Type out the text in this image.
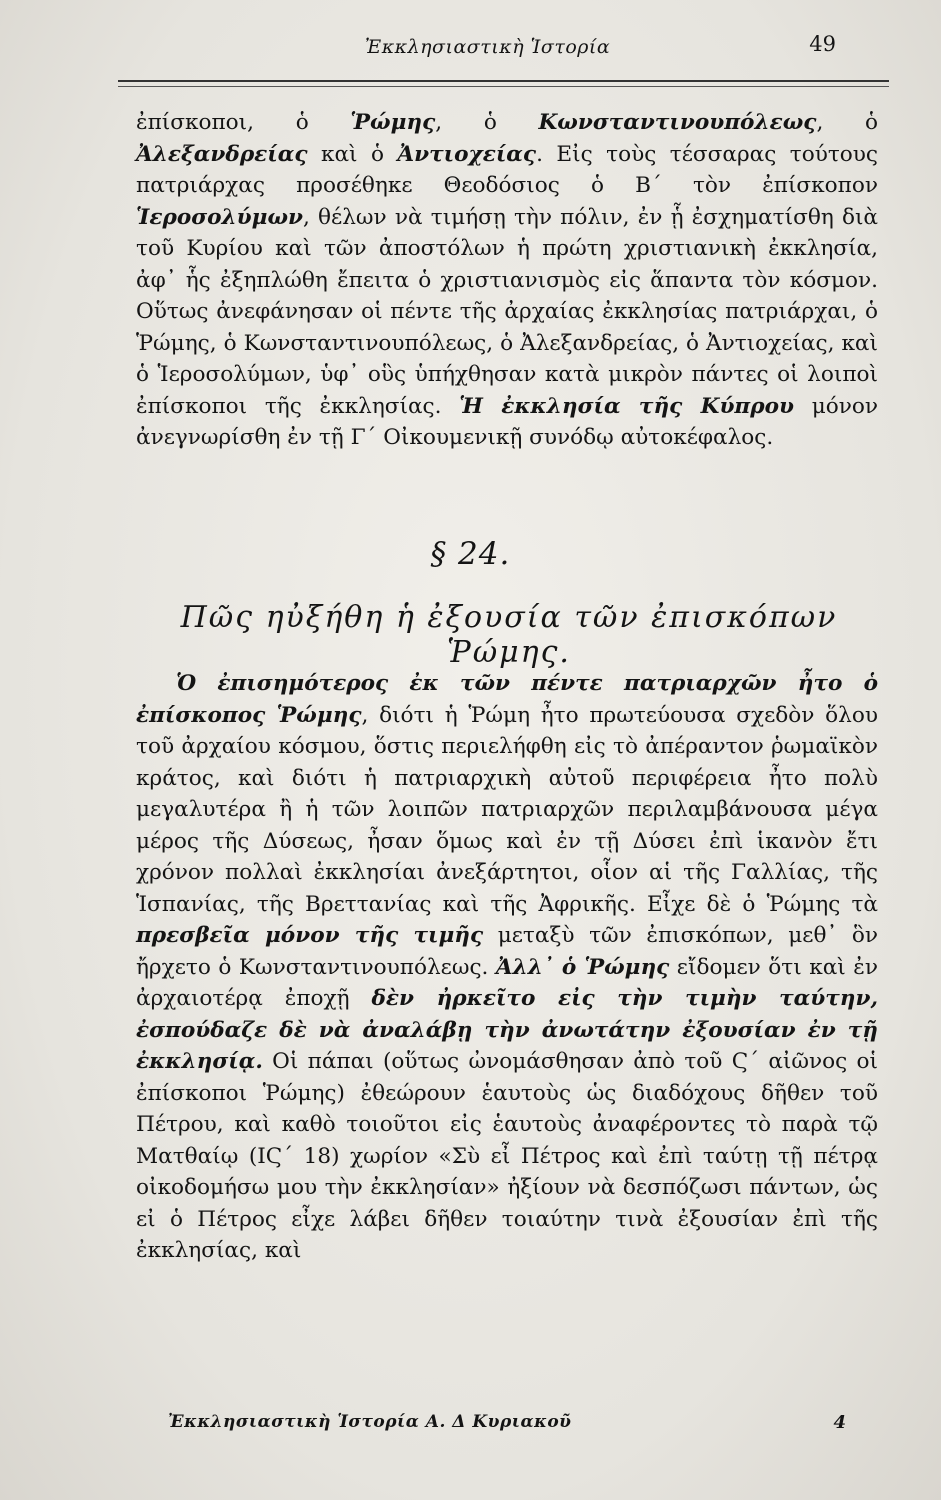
Ἐκκλησιαστικὴ Ἱστορία	49

ἐπίσκοποι, ὁ Ῥώμης, ὁ Κωνσταντινουπόλεως, ὁ Ἀλεξανδρείας καὶ ὁ Ἀντιοχείας. Εἰς τοὺς τέσσαρας τούτους πατριάρχας προσέθηκε Θεοδόσιος ὁ Β΄ τὸν ἐπίσκοπον Ἱεροσολύμων, θέλων νὰ τιμήσῃ τὴν πόλιν, ἐν ᾗ ἐσχηματίσθη διὰ τοῦ Κυρίου καὶ τῶν ἀποστόλων ἡ πρώτη χριστιανικὴ ἐκκλησία, ἀφ᾽ ἧς ἐξηπλώθη ἔπειτα ὁ χριστιανισμὸς εἰς ἅπαντα τὸν κόσμον. Οὕτως ἀνεφάνησαν οἱ πέντε τῆς ἀρχαίας ἐκκλησίας πατριάρχαι, ὁ Ῥώμης, ὁ Κωνσταντινουπόλεως, ὁ Ἀλεξανδρείας, ὁ Ἀντιοχείας, καὶ ὁ Ἱεροσολύμων, ὑφ᾽ οὓς ὑπήχθησαν κατὰ μικρὸν πάντες οἱ λοιποὶ ἐπίσκοποι τῆς ἐκκλησίας. Ἡ ἐκκλησία τῆς Κύπρου μόνον ἀνεγνωρίσθη ἐν τῇ Γ΄ Οἰκουμενικῇ συνόδῳ αὐτοκέφαλος.

§ 24.
Πῶς ηὐξήθη ἡ ἐξουσία τῶν ἐπισκόπων Ῥώμης.

Ὁ ἐπισημότερος ἐκ τῶν πέντε πατριαρχῶν ἦτο ὁ ἐπίσκοπος Ῥώμης, διότι ἡ Ῥώμη ἦτο πρωτεύουσα σχεδὸν ὅλου τοῦ ἀρχαίου κόσμου, ὅστις περιελήφθη εἰς τὸ ἀπέραντον ῥωμαϊκὸν κράτος, καὶ διότι ἡ πατριαρχικὴ αὐτοῦ περιφέρεια ἦτο πολὺ μεγαλυτέρα ἢ ἡ τῶν λοιπῶν πατριαρχῶν περιλαμβάνουσα μέγα μέρος τῆς Δύσεως, ἦσαν ὅμως καὶ ἐν τῇ Δύσει ἐπὶ ἱκανὸν ἔτι χρόνον πολλαὶ ἐκκλησίαι ἀνεξάρτητοι, οἷον αἱ τῆς Γαλλίας, τῆς Ἱσπανίας, τῆς Βρεττανίας καὶ τῆς Ἀφρικῆς. Εἶχε δὲ ὁ Ῥώμης τὰ πρεσβεῖα μόνον τῆς τιμῆς μεταξὺ τῶν ἐπισκόπων, μεθ᾽ ὃν ἤρχετο ὁ Κωνσταντινουπόλεως. Ἀλλ᾽ ὁ Ῥώμης εἴδομεν ὅτι καὶ ἐν ἀρχαιοτέρᾳ ἐποχῇ δὲν ἠρκεῖτο εἰς τὴν τιμὴν ταύτην, ἐσπούδαζε δὲ νὰ ἀναλάβῃ τὴν ἀνωτάτην ἐξουσίαν ἐν τῇ ἐκκλησίᾳ. Οἱ πάπαι (οὕτως ὠνομάσθησαν ἀπὸ τοῦ Ϛ΄ αἰῶνος οἱ ἐπίσκοποι Ῥώμης) ἐθεώρουν ἑαυτοὺς ὡς διαδόχους δῆθεν τοῦ Πέτρου, καὶ καθὸ τοιοῦτοι εἰς ἑαυτοὺς ἀναφέροντες τὸ παρὰ τῷ Ματθαίῳ (ΙϚ΄ 18) χωρίον «Σὺ εἶ Πέτρος καὶ ἐπὶ ταύτῃ τῇ πέτρᾳ οἰκοδομήσω μου τὴν ἐκκλησίαν» ἠξίουν νὰ δεσπόζωσι πάντων, ὡς εἰ ὁ Πέτρος εἶχε λάβει δῆθεν τοιαύτην τινὰ ἐξουσίαν ἐπὶ τῆς ἐκκλησίας, καὶ

Ἐκκλησιαστικὴ Ἱστορία Α. Δ Κυριακοῦ	4
